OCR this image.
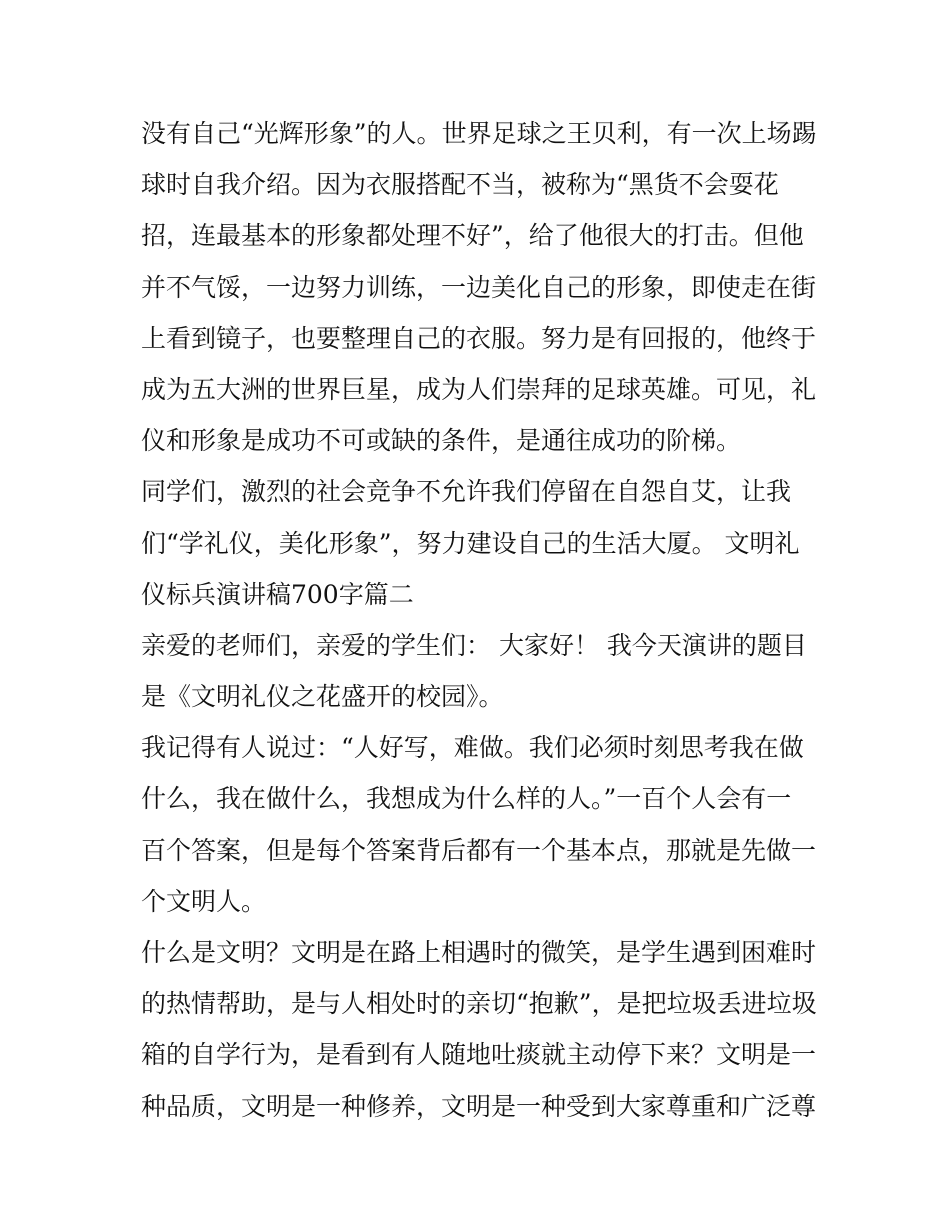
没有自己“光辉形象”的人。世界足球之王贝利，有一次上场踢
球时自我介绍。因为衣服搭配不当，被称为“黑货不会耍花
招，连最基本的形象都处理不好”，给了他很大的打击。但他
并不气馁，一边努力训练，一边美化自己的形象，即使走在街
上看到镜子，也要整理自己的衣服。努力是有回报的，他终于
成为五大洲的世界巨星，成为人们崇拜的足球英雄。可见，礼
仪和形象是成功不可或缺的条件，是通往成功的阶梯。
同学们，激烈的社会竞争不允许我们停留在自怨自艾，让我
们“学礼仪，美化形象”，努力建设自己的生活大厦。 文明礼
仪标兵演讲稿700字篇二
亲爱的老师们，亲爱的学生们： 大家好！ 我今天演讲的题目
是《文明礼仪之花盛开的校园》。
我记得有人说过：“人好写，难做。我们必须时刻思考我在做
什么，我在做什么，我想成为什么样的人。”一百个人会有一
百个答案，但是每个答案背后都有一个基本点，那就是先做一
个文明人。
什么是文明？文明是在路上相遇时的微笑，是学生遇到困难时
的热情帮助，是与人相处时的亲切“抱歉”，是把垃圾丢进垃圾
箱的自学行为，是看到有人随地吐痰就主动停下来？文明是一
种品质，文明是一种修养，文明是一种受到大家尊重和广泛尊
